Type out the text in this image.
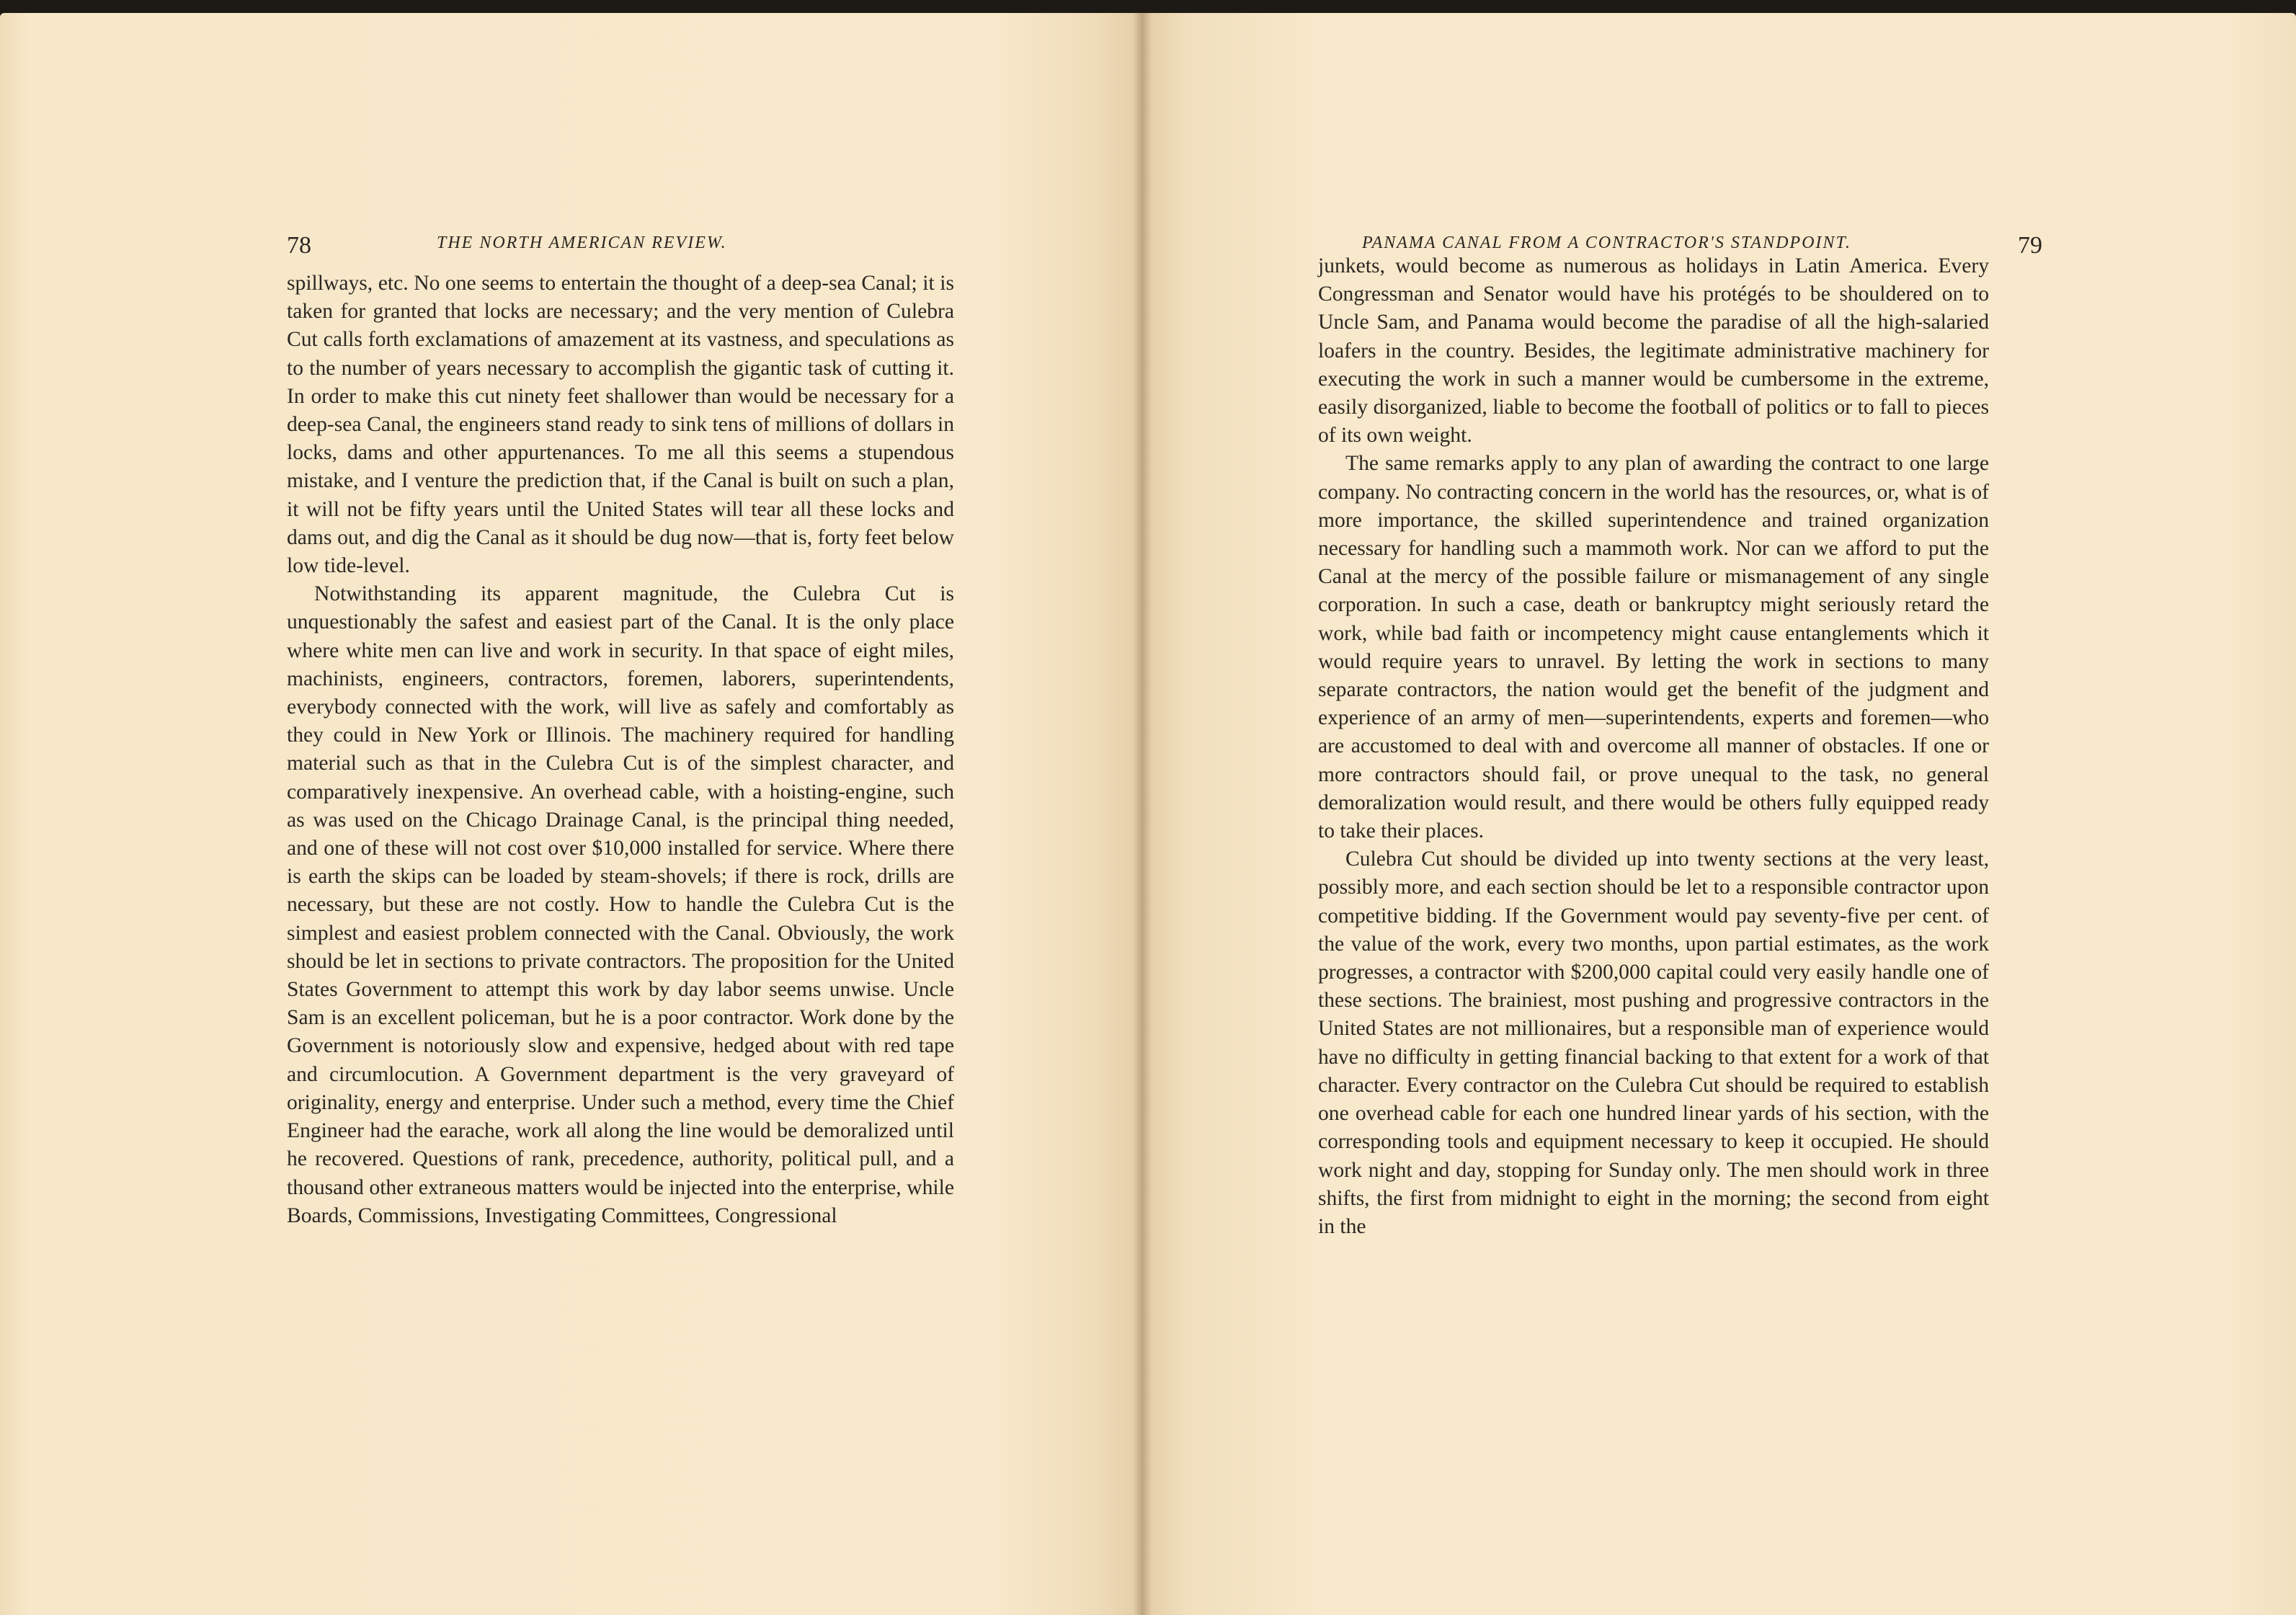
78	THE NORTH AMERICAN REVIEW.

spillways, etc. No one seems to entertain the thought of a deep-sea Canal; it is taken for granted that locks are necessary; and the very mention of Culebra Cut calls forth exclamations of amazement at its vastness, and speculations as to the number of years necessary to accomplish the gigantic task of cutting it. In order to make this cut ninety feet shallower than would be necessary for a deep-sea Canal, the engineers stand ready to sink tens of millions of dollars in locks, dams and other appurtenances. To me all this seems a stupendous mistake, and I venture the prediction that, if the Canal is built on such a plan, it will not be fifty years until the United States will tear all these locks and dams out, and dig the Canal as it should be dug now—that is, forty feet below low tide-level.

Notwithstanding its apparent magnitude, the Culebra Cut is unquestionably the safest and easiest part of the Canal. It is the only place where white men can live and work in security. In that space of eight miles, machinists, engineers, contractors, foremen, laborers, superintendents, everybody connected with the work, will live as safely and comfortably as they could in New York or Illinois. The machinery required for handling material such as that in the Culebra Cut is of the simplest character, and comparatively inexpensive. An overhead cable, with a hoisting-engine, such as was used on the Chicago Drainage Canal, is the principal thing needed, and one of these will not cost over $10,000 installed for service. Where there is earth the skips can be loaded by steam-shovels; if there is rock, drills are necessary, but these are not costly. How to handle the Culebra Cut is the simplest and easiest problem connected with the Canal. Obviously, the work should be let in sections to private contractors. The proposition for the United States Government to attempt this work by day labor seems unwise. Uncle Sam is an excellent policeman, but he is a poor contractor. Work done by the Government is notoriously slow and expensive, hedged about with red tape and circumlocution. A Government department is the very graveyard of originality, energy and enterprise. Under such a method, every time the Chief Engineer had the earache, work all along the line would be demoralized until he recovered. Questions of rank, precedence, authority, political pull, and a thousand other extraneous matters would be injected into the enterprise, while Boards, Commissions, Investigating Committees, Congressional

PANAMA CANAL FROM A CONTRACTOR'S STANDPOINT.	79

junkets, would become as numerous as holidays in Latin America. Every Congressman and Senator would have his protégés to be shouldered on to Uncle Sam, and Panama would become the paradise of all the high-salaried loafers in the country. Besides, the legitimate administrative machinery for executing the work in such a manner would be cumbersome in the extreme, easily disorganized, liable to become the football of politics or to fall to pieces of its own weight.

The same remarks apply to any plan of awarding the contract to one large company. No contracting concern in the world has the resources, or, what is of more importance, the skilled superintendence and trained organization necessary for handling such a mammoth work. Nor can we afford to put the Canal at the mercy of the possible failure or mismanagement of any single corporation. In such a case, death or bankruptcy might seriously retard the work, while bad faith or incompetency might cause entanglements which it would require years to unravel. By letting the work in sections to many separate contractors, the nation would get the benefit of the judgment and experience of an army of men—superintendents, experts and foremen—who are accustomed to deal with and overcome all manner of obstacles. If one or more contractors should fail, or prove unequal to the task, no general demoralization would result, and there would be others fully equipped ready to take their places.

Culebra Cut should be divided up into twenty sections at the very least, possibly more, and each section should be let to a responsible contractor upon competitive bidding. If the Government would pay seventy-five per cent. of the value of the work, every two months, upon partial estimates, as the work progresses, a contractor with $200,000 capital could very easily handle one of these sections. The brainiest, most pushing and progressive contractors in the United States are not millionaires, but a responsible man of experience would have no difficulty in getting financial backing to that extent for a work of that character. Every contractor on the Culebra Cut should be required to establish one overhead cable for each one hundred linear yards of his section, with the corresponding tools and equipment necessary to keep it occupied. He should work night and day, stopping for Sunday only. The men should work in three shifts, the first from midnight to eight in the morning; the second from eight in the
